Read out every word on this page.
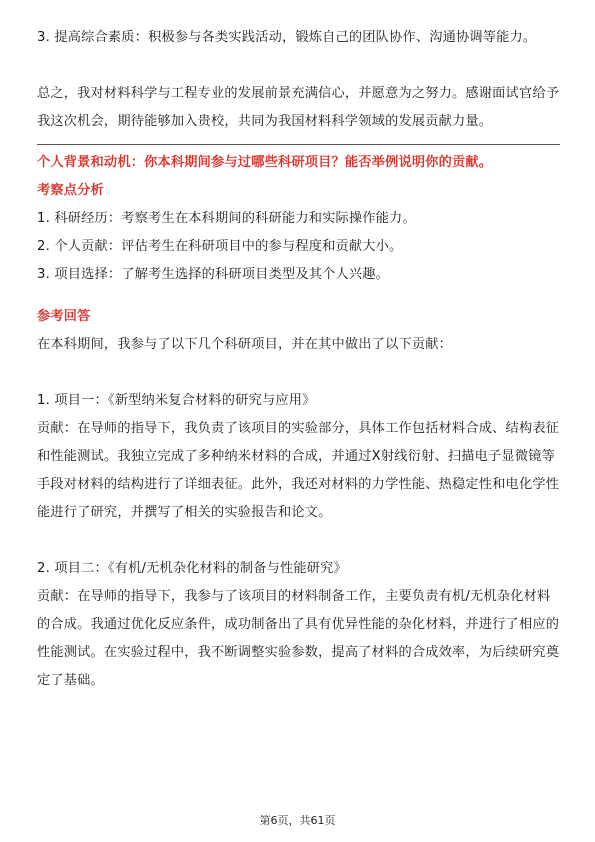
3. 提高综合素质：积极参与各类实践活动，锻炼自己的团队协作、沟通协调等能力。

总之，我对材料科学与工程专业的发展前景充满信心，并愿意为之努力。感谢面试官给予我这次机会，期待能够加入贵校，共同为我国材料科学领域的发展贡献力量。

个人背景和动机：你本科期间参与过哪些科研项目？能否举例说明你的贡献。

考察点分析

1. 科研经历：考察考生在本科期间的科研能力和实际操作能力。

2. 个人贡献：评估考生在科研项目中的参与程度和贡献大小。

3. 项目选择：了解考生选择的科研项目类型及其个人兴趣。

参考回答

在本科期间，我参与了以下几个科研项目，并在其中做出了以下贡献：

1. 项目一：《新型纳米复合材料的研究与应用》

贡献：在导师的指导下，我负责了该项目的实验部分，具体工作包括材料合成、结构表征和性能测试。我独立完成了多种纳米材料的合成，并通过X射线衍射、扫描电子显微镜等手段对材料的结构进行了详细表征。此外，我还对材料的力学性能、热稳定性和电化学性能进行了研究，并撰写了相关的实验报告和论文。

2. 项目二：《有机/无机杂化材料的制备与性能研究》

贡献：在导师的指导下，我参与了该项目的材料制备工作，主要负责有机/无机杂化材料的合成。我通过优化反应条件，成功制备出了具有优异性能的杂化材料，并进行了相应的性能测试。在实验过程中，我不断调整实验参数，提高了材料的合成效率，为后续研究奠定了基础。

第6页，共61页
